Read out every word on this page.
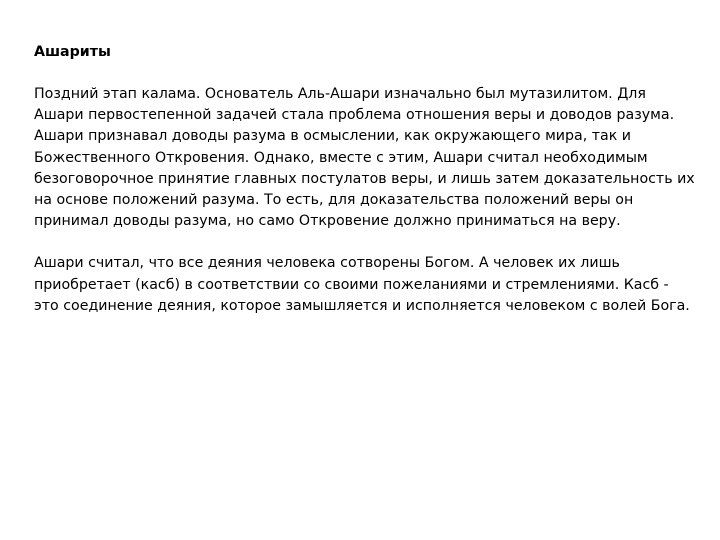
Ашариты

Поздний этап калама. Основатель Аль-Ашари изначально был мутазилитом. Для
Ашари первостепенной задачей стала проблема отношения веры и доводов разума.
Ашари признавал доводы разума в осмыслении, как окружающего мира, так и
Божественного Откровения. Однако, вместе с этим, Ашари считал необходимым
безоговорочное принятие главных постулатов веры, и лишь затем доказательность их
на основе положений разума. То есть, для доказательства положений веры он
принимал доводы разума, но само Откровение должно приниматься на веру.

Ашари считал, что все деяния человека сотворены Богом. А человек их лишь
приобретает (касб) в соответствии со своими пожеланиями и стремлениями. Касб -
это соединение деяния, которое замышляется и исполняется человеком с волей Бога.
